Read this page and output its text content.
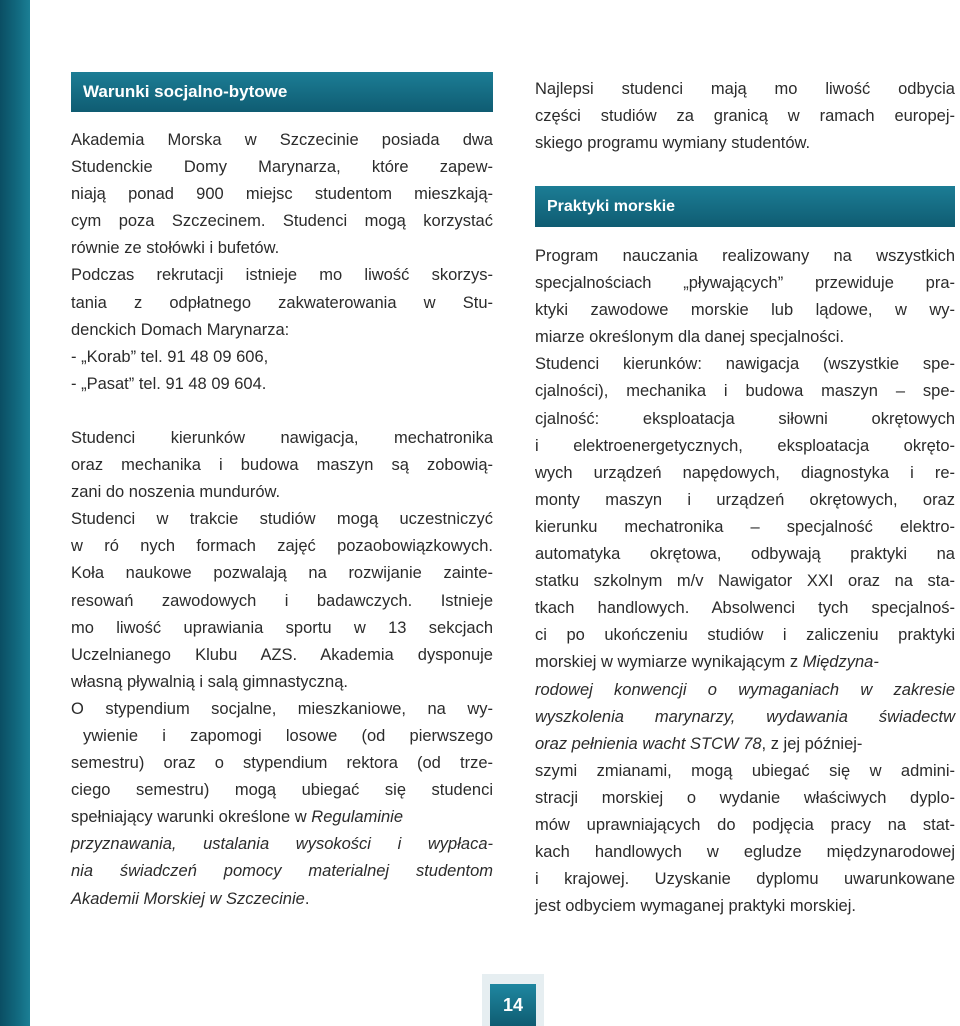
Warunki socjalno-bytowe
Akademia Morska w Szczecinie posiada dwa
Studenckie Domy Marynarza, które zapew-
niają ponad 900 miejsc studentom mieszkają-
cym poza Szczecinem. Studenci mogą korzystać
równie ze stołówki i bufetów.
Podczas rekrutacji istnieje mo liwość skorzys-
tania z odpłatnego zakwaterowania w Stu-
denckich Domach Marynarza:
- „Korab” tel. 91 48 09 606,
- „Pasat” tel. 91 48 09 604.
Studenci kierunków nawigacja, mechatronika
oraz mechanika i budowa maszyn są zobowią-
zani do noszenia mundurów.
Studenci w trakcie studiów mogą uczestniczyć
w ró nych formach zajęć pozaobowiązkowych.
Koła naukowe pozwalają na rozwijanie zainte-
resowań zawodowych i badawczych. Istnieje
mo liwość uprawiania sportu w 13 sekcjach
Uczelnianego Klubu AZS. Akademia dysponuje
własną pływalnią i salą gimnastyczną.
O stypendium socjalne, mieszkaniowe, na wy-
ywienie i zapomogi losowe (od pierwszego
semestru) oraz o stypendium rektora (od trze-
ciego semestru) mogą ubiegać się studenci
spełniający warunki określone w Regulaminie
przyznawania, ustalania wysokości i wypłaca-
nia świadczeń pomocy materialnej studentom
Akademii Morskiej w Szczecinie.
Najlepsi studenci mają mo liwość odbycia
części studiów za granicą w ramach europej-
skiego programu wymiany studentów.
Praktyki morskie
Program nauczania realizowany na wszystkich
specjalnościach „pływających” przewiduje pra-
ktyki zawodowe morskie lub lądowe, w wy-
miarze określonym dla danej specjalności.
Studenci kierunków: nawigacja (wszystkie spe-
cjalności), mechanika i budowa maszyn – spe-
cjalność: eksploatacja siłowni okrętowych
i elektroenergetycznych, eksploatacja okręto-
wych urządzeń napędowych, diagnostyka i re-
monty maszyn i urządzeń okrętowych, oraz
kierunku mechatronika – specjalność elektro-
automatyka okrętowa, odbywają praktyki na
statku szkolnym m/v Nawigator XXI oraz na sta-
tkach handlowych. Absolwenci tych specjalnoś-
ci po ukończeniu studiów i zaliczeniu praktyki
morskiej w wymiarze wynikającym z Międzyna-
rodowej konwencji o wymaganiach w zakresie
wyszkolenia marynarzy, wydawania świadectw
oraz pełnienia wacht STCW 78, z jej później-
szymi zmianami, mogą ubiegać się w admini-
stracji morskiej o wydanie właściwych dyplo-
mów uprawniających do podjęcia pracy na stat-
kach handlowych w egludze międzynarodowej
i krajowej. Uzyskanie dyplomu uwarunkowane
jest odbyciem wymaganej praktyki morskiej.
14
